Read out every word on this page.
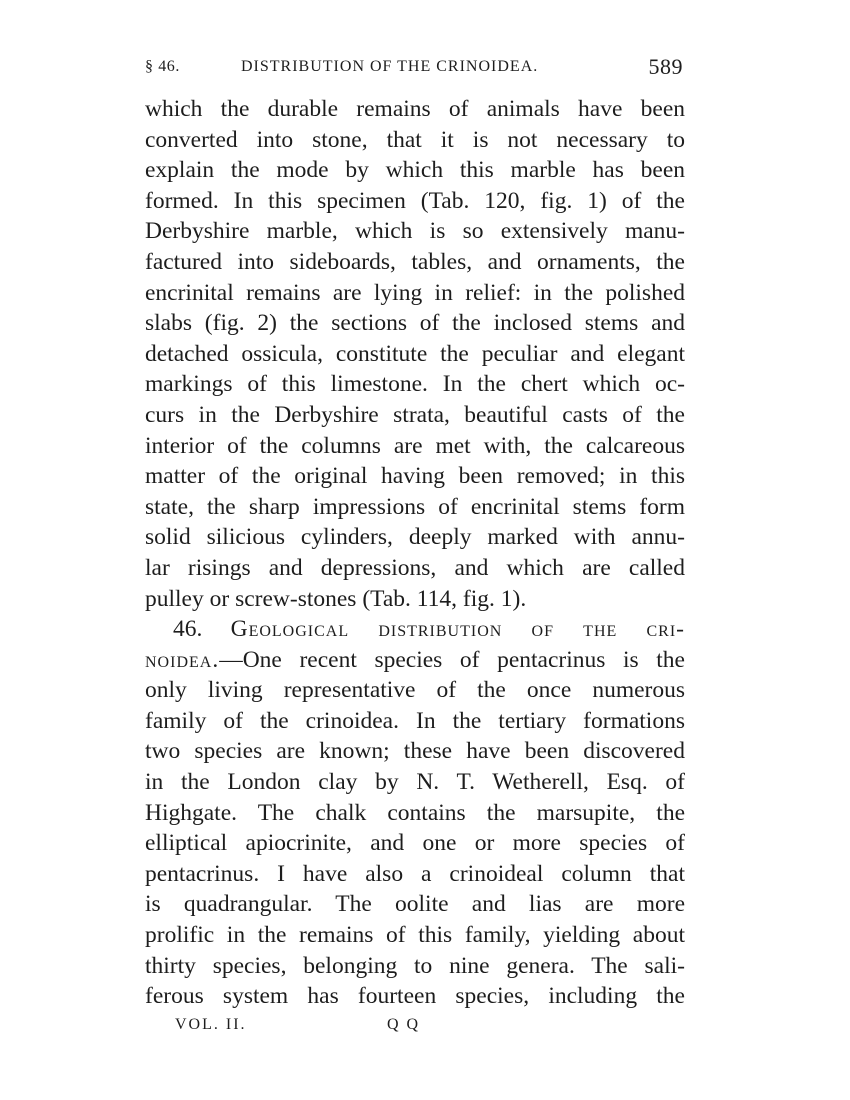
§ 46.	DISTRIBUTION OF THE CRINOIDEA.	589
which the durable remains of animals have been
converted into stone, that it is not necessary to
explain the mode by which this marble has been
formed. In this specimen (Tab. 120, fig. 1) of the
Derbyshire marble, which is so extensively manu-
factured into sideboards, tables, and ornaments, the
encrinital remains are lying in relief: in the polished
slabs (fig. 2) the sections of the inclosed stems and
detached ossicula, constitute the peculiar and elegant
markings of this limestone. In the chert which oc-
curs in the Derbyshire strata, beautiful casts of the
interior of the columns are met with, the calcareous
matter of the original having been removed; in this
state, the sharp impressions of encrinital stems form
solid silicious cylinders, deeply marked with annu-
lar risings and depressions, and which are called
pulley or screw-stones (Tab. 114, fig. 1).
46. Geological distribution of the cri-
noidea.—One recent species of pentacrinus is the
only living representative of the once numerous
family of the crinoidea. In the tertiary formations
two species are known; these have been discovered
in the London clay by N. T. Wetherell, Esq. of
Highgate. The chalk contains the marsupite, the
elliptical apiocrinite, and one or more species of
pentacrinus. I have also a crinoideal column that
is quadrangular. The oolite and lias are more
prolific in the remains of this family, yielding about
thirty species, belonging to nine genera. The sali-
ferous system has fourteen species, including the
VOL. II.	Q Q
